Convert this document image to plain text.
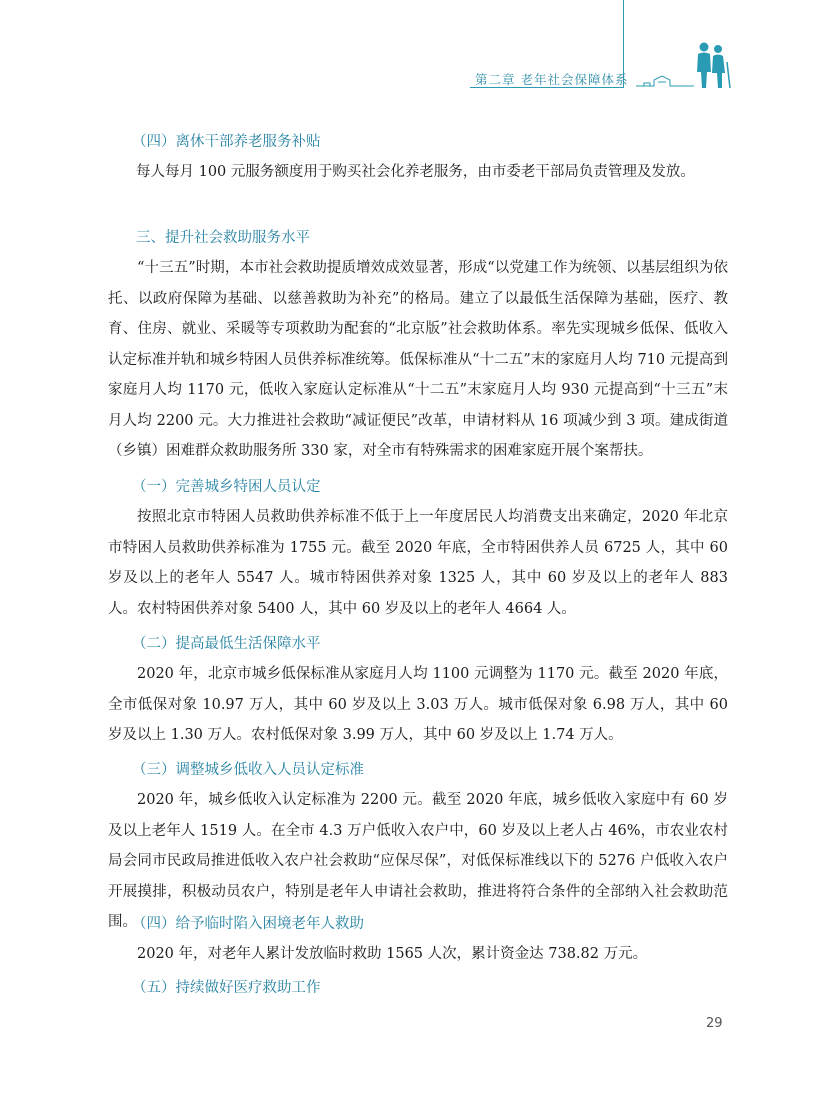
第二章 老年社会保障体系
（四）离休干部养老服务补贴

每人每月 100 元服务额度用于购买社会化养老服务，由市委老干部局负责管理及发放。

三、提升社会救助服务水平

“十三五”时期，本市社会救助提质增效成效显著，形成“以党建工作为统领、以基层组织为依托、以政府保障为基础、以慈善救助为补充”的格局。建立了以最低生活保障为基础，医疗、教育、住房、就业、采暖等专项救助为配套的“北京版”社会救助体系。率先实现城乡低保、低收入认定标准并轨和城乡特困人员供养标准统筹。低保标准从“十二五”末的家庭月人均 710 元提高到家庭月人均 1170 元，低收入家庭认定标准从“十二五”末家庭月人均 930 元提高到“十三五”末月人均 2200 元。大力推进社会救助“减证便民”改革，申请材料从 16 项减少到 3 项。建成街道（乡镇）困难群众救助服务所 330 家，对全市有特殊需求的困难家庭开展个案帮扶。

（一）完善城乡特困人员认定

按照北京市特困人员救助供养标准不低于上一年度居民人均消费支出来确定，2020 年北京市特困人员救助供养标准为 1755 元。截至 2020 年底，全市特困供养人员 6725 人，其中 60 岁及以上的老年人 5547 人。城市特困供养对象 1325 人，其中 60 岁及以上的老年人 883 人。农村特困供养对象 5400 人，其中 60 岁及以上的老年人 4664 人。

（二）提高最低生活保障水平

2020 年，北京市城乡低保标准从家庭月人均 1100 元调整为 1170 元。截至 2020 年底，全市低保对象 10.97 万人，其中 60 岁及以上 3.03 万人。城市低保对象 6.98 万人，其中 60 岁及以上 1.30 万人。农村低保对象 3.99 万人，其中 60 岁及以上 1.74 万人。

（三）调整城乡低收入人员认定标准

2020 年，城乡低收入认定标准为 2200 元。截至 2020 年底，城乡低收入家庭中有 60 岁及以上老年人 1519 人。在全市 4.3 万户低收入农户中，60 岁及以上老人占 46%，市农业农村局会同市民政局推进低收入农户社会救助“应保尽保”，对低保标准线以下的 5276 户低收入农户开展摸排，积极动员农户，特别是老年人申请社会救助，推进将符合条件的全部纳入社会救助范围。

（四）给予临时陷入困境老年人救助

2020 年，对老年人累计发放临时救助 1565 人次，累计资金达 738.82 万元。

（五）持续做好医疗救助工作
29
